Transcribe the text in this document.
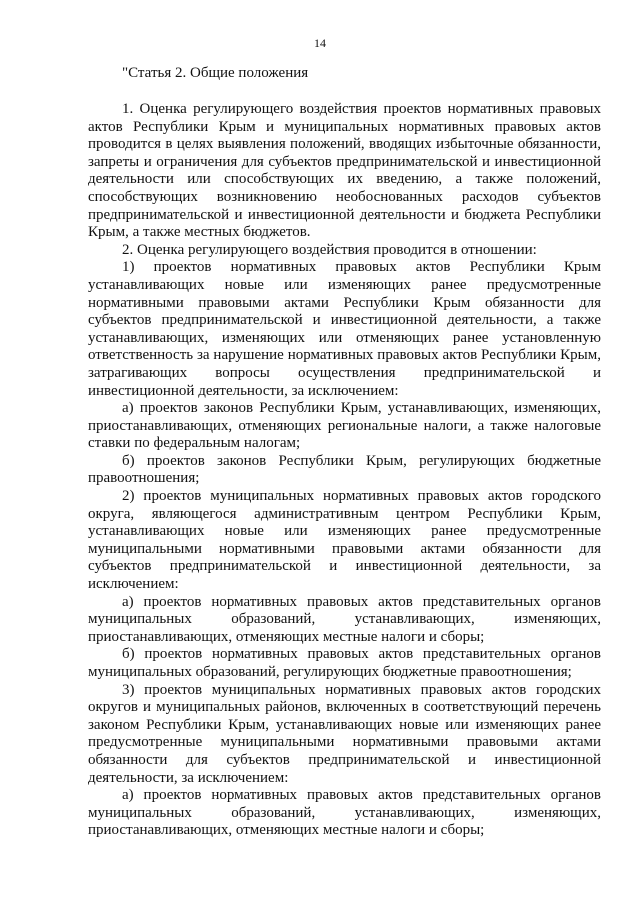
14

"Статья 2. Общие положения

1. Оценка регулирующего воздействия проектов нормативных правовых актов Республики Крым и муниципальных нормативных правовых актов проводится в целях выявления положений, вводящих избыточные обязанности, запреты и ограничения для субъектов предпринимательской и инвестиционной деятельности или способствующих их введению, а также положений, способствующих возникновению необоснованных расходов субъектов предпринимательской и инвестиционной деятельности и бюджета Республики Крым, а также местных бюджетов.

2. Оценка регулирующего воздействия проводится в отношении:

1) проектов нормативных правовых актов Республики Крым устанавливающих новые или изменяющих ранее предусмотренные нормативными правовыми актами Республики Крым обязанности для субъектов предпринимательской и инвестиционной деятельности, а также устанавливающих, изменяющих или отменяющих ранее установленную ответственность за нарушение нормативных правовых актов Республики Крым, затрагивающих вопросы осуществления предпринимательской и инвестиционной деятельности, за исключением:

а) проектов законов Республики Крым, устанавливающих, изменяющих, приостанавливающих, отменяющих региональные налоги, а также налоговые ставки по федеральным налогам;

б) проектов законов Республики Крым, регулирующих бюджетные правоотношения;

2) проектов муниципальных нормативных правовых актов городского округа, являющегося административным центром Республики Крым, устанавливающих новые или изменяющих ранее предусмотренные муниципальными нормативными правовыми актами обязанности для субъектов предпринимательской и инвестиционной деятельности, за исключением:

а) проектов нормативных правовых актов представительных органов муниципальных образований, устанавливающих, изменяющих, приостанавливающих, отменяющих местные налоги и сборы;

б) проектов нормативных правовых актов представительных органов муниципальных образований, регулирующих бюджетные правоотношения;

3) проектов муниципальных нормативных правовых актов городских округов и муниципальных районов, включенных в соответствующий перечень законом Республики Крым, устанавливающих новые или изменяющих ранее предусмотренные муниципальными нормативными правовыми актами обязанности для субъектов предпринимательской и инвестиционной деятельности, за исключением:

а) проектов нормативных правовых актов представительных органов муниципальных образований, устанавливающих, изменяющих, приостанавливающих, отменяющих местные налоги и сборы;
